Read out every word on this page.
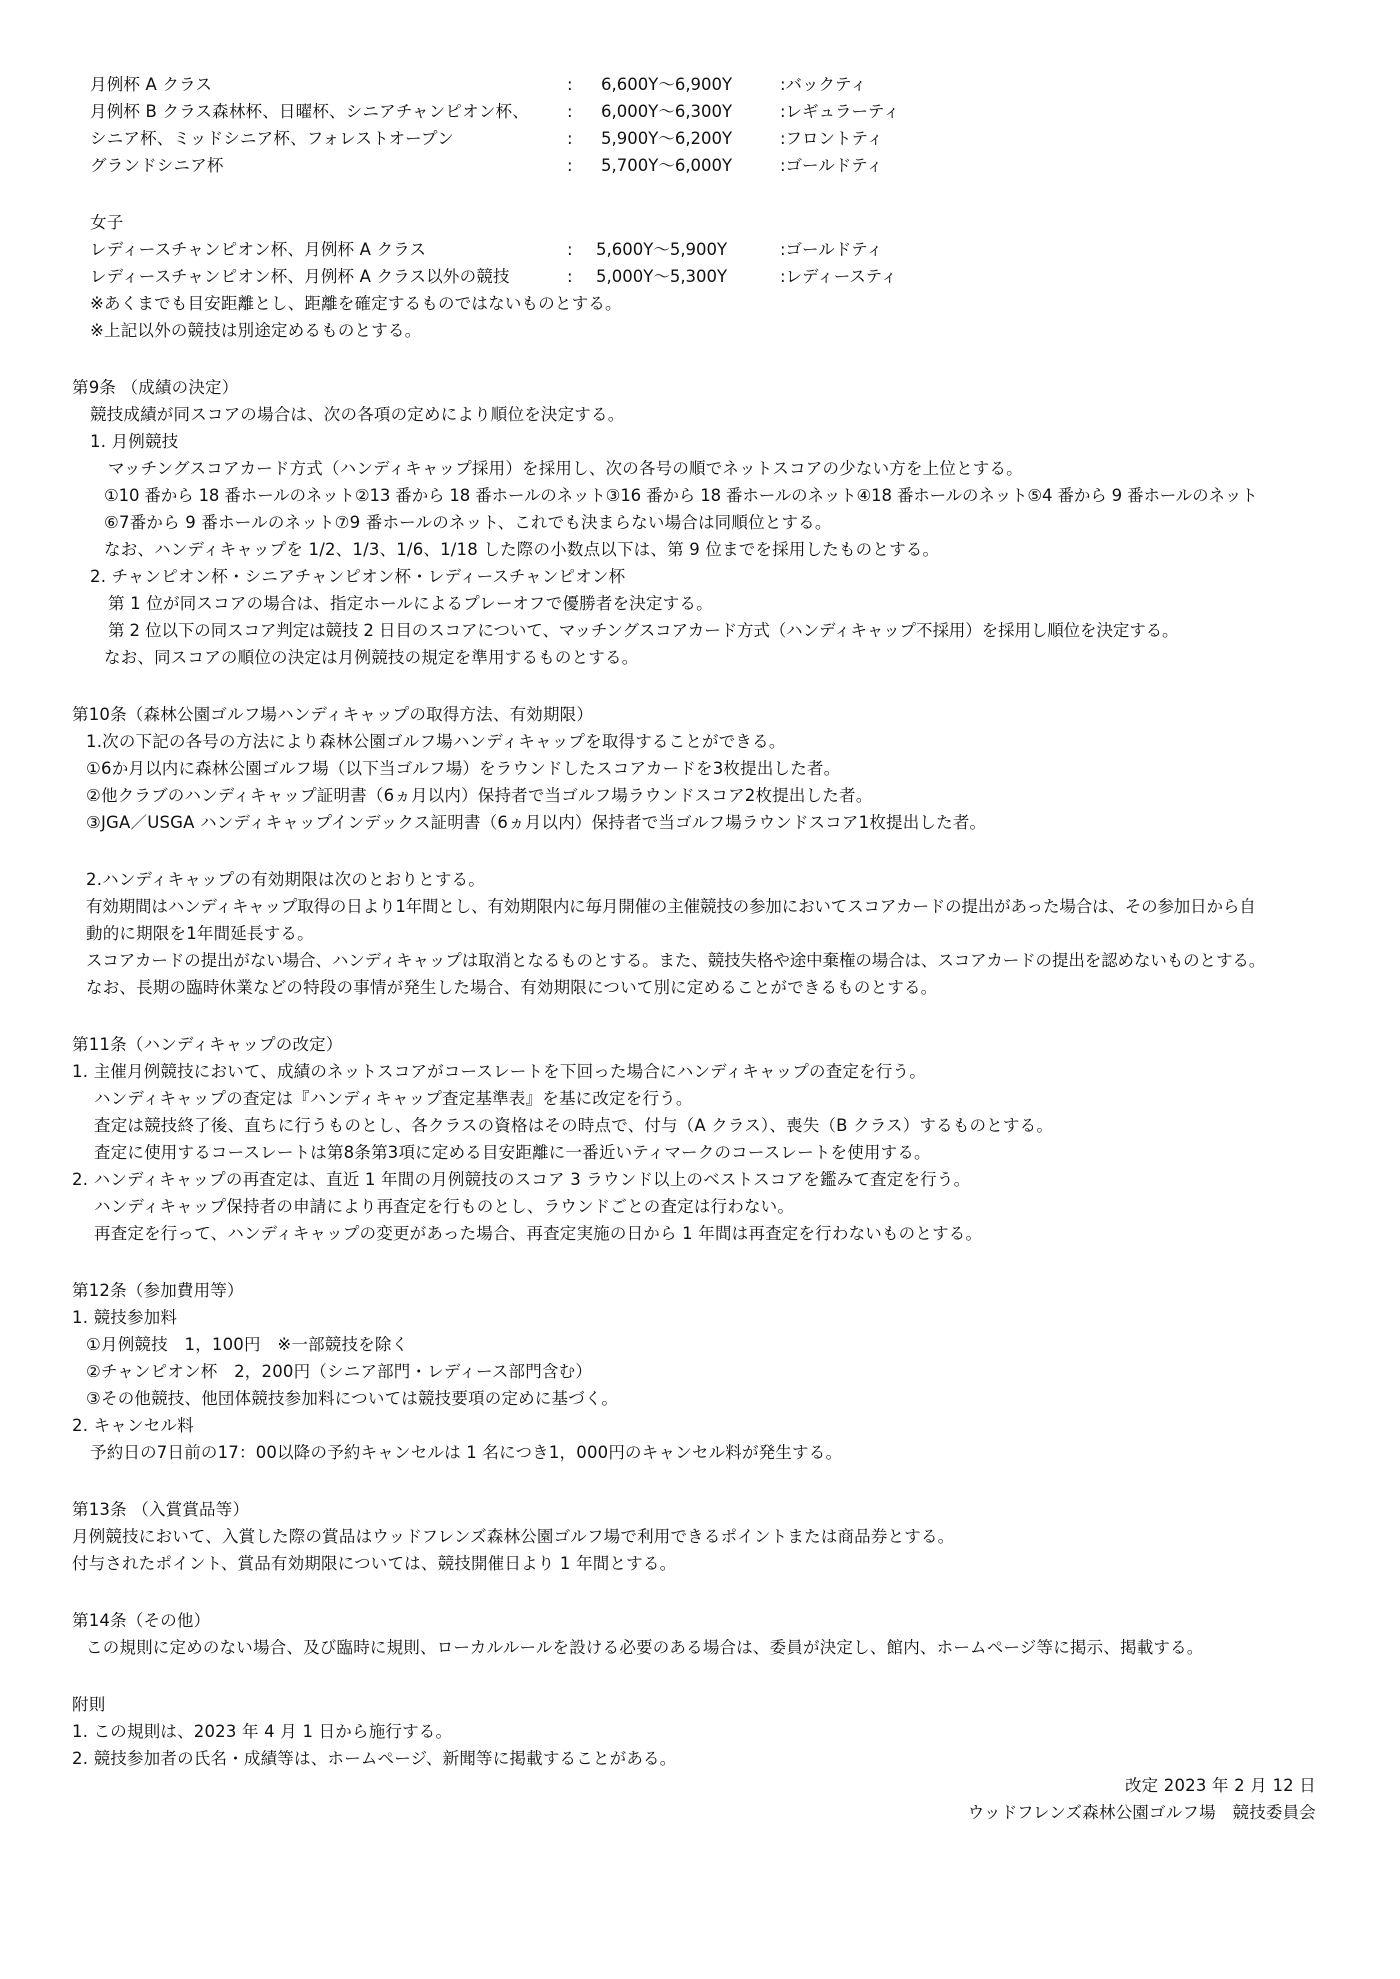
月例杯 A クラス	: 6,600Y～6,900Y	:バックティ
月例杯 B クラス森林杯、日曜杯、シニアチャンピオン杯、 : 6,000Y～6,300Y	:レギュラーティ
シニア杯、ミッドシニア杯、フォレストオープン	: 5,900Y～6,200Y	:フロントティ
グランドシニア杯	: 5,700Y～6,000Y	:ゴールドティ
女子
レディースチャンピオン杯、月例杯 A クラス	: 5,600Y～5,900Y	:ゴールドティ
レディースチャンピオン杯、月例杯 A クラス以外の競技	: 5,000Y～5,300Y	:レディースティ
※あくまでも目安距離とし、距離を確定するものではないものとする。
※上記以外の競技は別途定めるものとする。
第9条 （成績の決定）
競技成績が同スコアの場合は、次の各項の定めにより順位を決定する。
1. 月例競技
マッチングスコアカード方式（ハンディキャップ採用）を採用し、次の各号の順でネットスコアの少ない方を上位とする。
①10 番から 18 番ホールのネット②13 番から 18 番ホールのネット③16 番から 18 番ホールのネット④18 番ホールのネット⑤4 番から 9 番ホールのネット
⑥7番から 9 番ホールのネット⑦9 番ホールのネット、これでも決まらない場合は同順位とする。
なお、ハンディキャップを 1/2、1/3、1/6、1/18 した際の小数点以下は、第 9 位までを採用したものとする。
2. チャンピオン杯・シニアチャンピオン杯・レディースチャンピオン杯
第 1 位が同スコアの場合は、指定ホールによるプレーオフで優勝者を決定する。
第 2 位以下の同スコア判定は競技 2 日目のスコアについて、マッチングスコアカード方式（ハンディキャップ不採用）を採用し順位を決定する。
なお、同スコアの順位の決定は月例競技の規定を準用するものとする。
第10条（森林公園ゴルフ場ハンディキャップの取得方法、有効期限）
1.次の下記の各号の方法により森林公園ゴルフ場ハンディキャップを取得することができる。
①6か月以内に森林公園ゴルフ場（以下当ゴルフ場）をラウンドしたスコアカードを3枚提出した者。
②他クラブのハンディキャップ証明書（6ヵ月以内）保持者で当ゴルフ場ラウンドスコア2枚提出した者。
③JGA／USGA ハンディキャップインデックス証明書（6ヵ月以内）保持者で当ゴルフ場ラウンドスコア1枚提出した者。
2.ハンディキャップの有効期限は次のとおりとする。
有効期間はハンディキャップ取得の日より1年間とし、有効期限内に毎月開催の主催競技の参加においてスコアカードの提出があった場合は、その参加日から自
動的に期限を1年間延長する。
スコアカードの提出がない場合、ハンディキャップは取消となるものとする。また、競技失格や途中棄権の場合は、スコアカードの提出を認めないものとする。
なお、長期の臨時休業などの特段の事情が発生した場合、有効期限について別に定めることができるものとする。
第11条（ハンディキャップの改定）
1. 主催月例競技において、成績のネットスコアがコースレートを下回った場合にハンディキャップの査定を行う。
ハンディキャップの査定は『ハンディキャップ査定基準表』を基に改定を行う。
査定は競技終了後、直ちに行うものとし、各クラスの資格はその時点で、付与（A クラス）、喪失（B クラス）するものとする。
査定に使用するコースレートは第8条第3項に定める目安距離に一番近いティマークのコースレートを使用する。
2. ハンディキャップの再査定は、直近 1 年間の月例競技のスコア 3 ラウンド以上のベストスコアを鑑みて査定を行う。
ハンディキャップ保持者の申請により再査定を行ものとし、ラウンドごとの査定は行わない。
再査定を行って、ハンディキャップの変更があった場合、再査定実施の日から 1 年間は再査定を行わないものとする。
第12条（参加費用等）
1. 競技参加料
①月例競技　1，100円　※一部競技を除く
②チャンピオン杯　2，200円（シニア部門・レディース部門含む）
③その他競技、他団体競技参加料については競技要項の定めに基づく。
2. キャンセル料
予約日の7日前の17：00以降の予約キャンセルは 1 名につき1，000円のキャンセル料が発生する。
第13条 （入賞賞品等）
月例競技において、入賞した際の賞品はウッドフレンズ森林公園ゴルフ場で利用できるポイントまたは商品券とする。
付与されたポイント、賞品有効期限については、競技開催日より 1 年間とする。
第14条（その他）
この規則に定めのない場合、及び臨時に規則、ローカルルールを設ける必要のある場合は、委員が決定し、館内、ホームページ等に掲示、掲載する。
附則
1. この規則は、2023 年 4 月 1 日から施行する。
2. 競技参加者の氏名・成績等は、ホームページ、新聞等に掲載することがある。
改定 2023 年 2 月 12 日
ウッドフレンズ森林公園ゴルフ場　競技委員会
